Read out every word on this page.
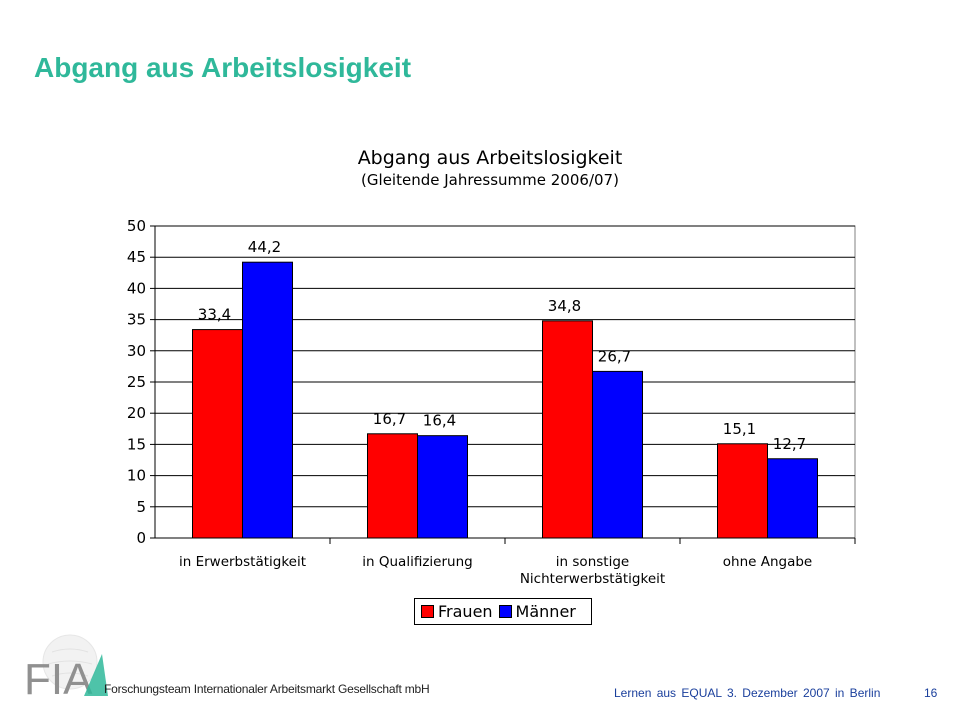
Abgang aus Arbeitslosigkeit
Abgang aus Arbeitslosigkeit
(Gleitende Jahressumme 2006/07)
0
5
10
15
20
25
30
35
40
45
50
33,4
44,2
in Erwerbstätigkeit
16,7 16,4
in Qualifizierung
34,8
26,7
in sonstige
Nichterwerbstätigkeit
15,1
12,7
ohne Angabe
Frauen Männer
FIA Forschungsteam Internationaler Arbeitsmarkt Gesellschaft mbH	Lernen aus EQUAL 3. Dezember 2007 in Berlin	16
